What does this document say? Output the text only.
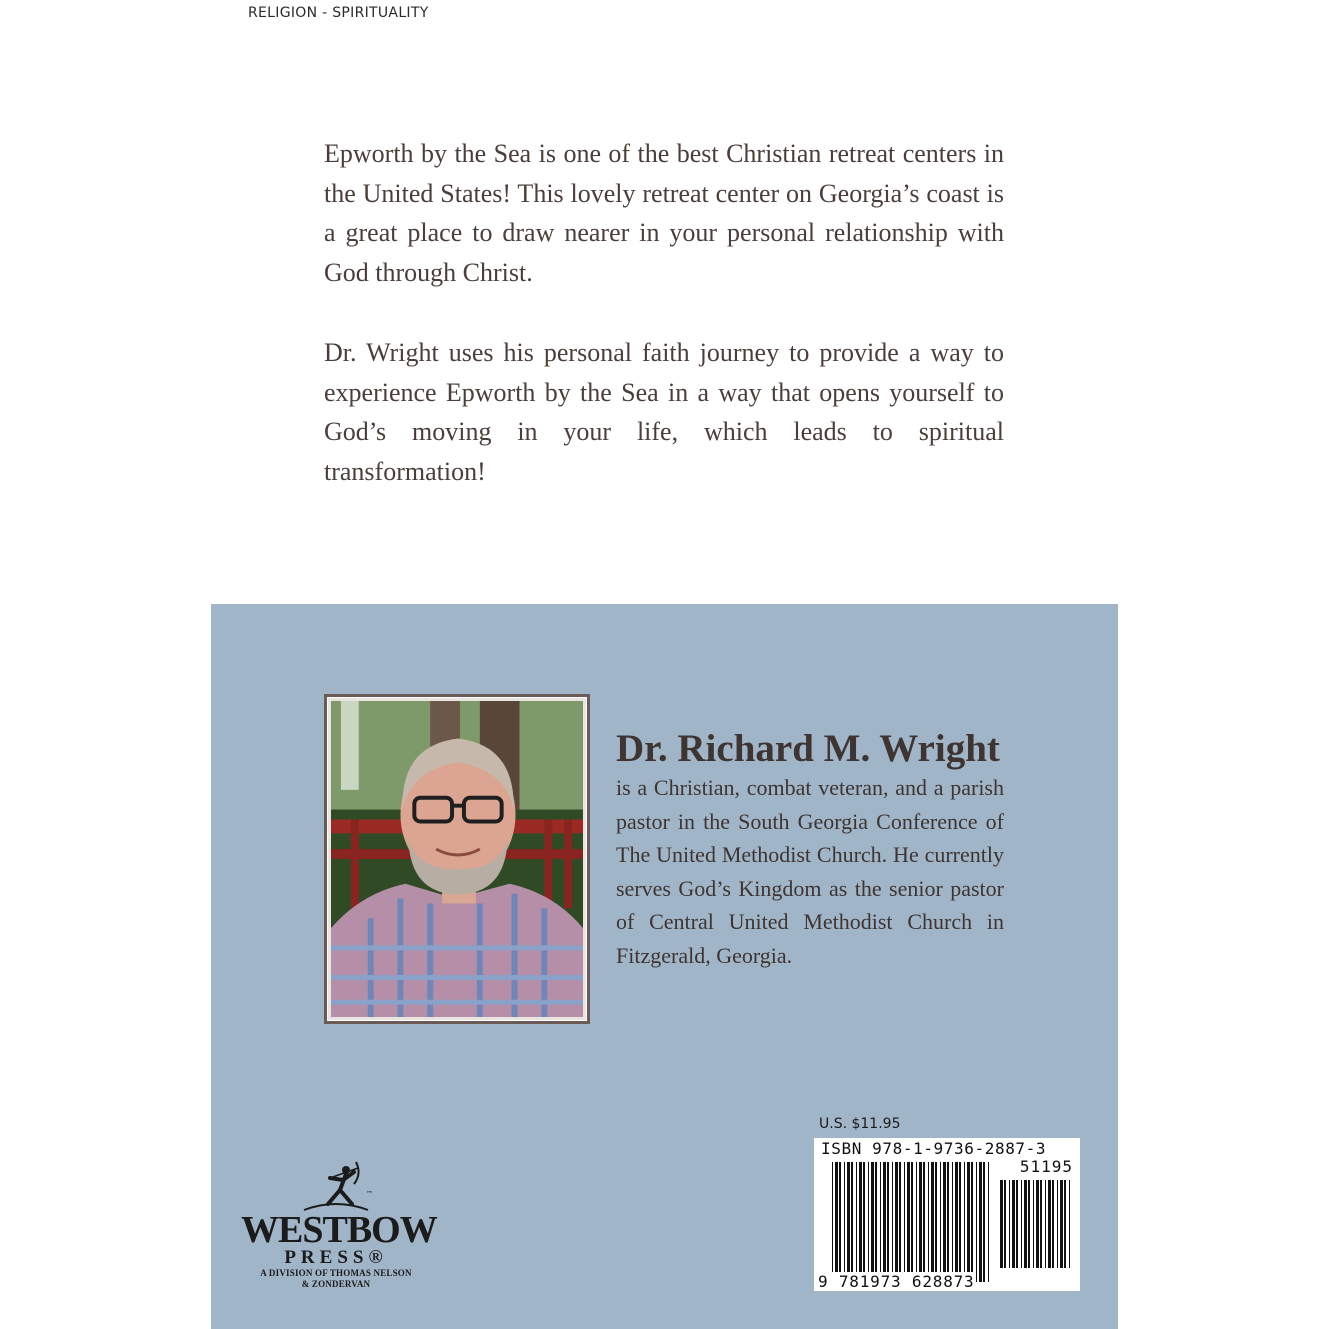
RELIGION - SPIRITUALITY

Epworth by the Sea is one of the best Christian retreat centers in the United States! This lovely retreat center on Georgia’s coast is a great place to draw nearer in your personal relationship with God through Christ.

Dr. Wright uses his personal faith journey to provide a way to experience Epworth by the Sea in a way that opens yourself to God’s moving in your life, which leads to spiritual transformation!

Dr. Richard M. Wright
is a Christian, combat veteran, and a parish pastor in the South Georgia Conference of The United Methodist Church. He currently serves God’s Kingdom as the senior pastor of Central United Methodist Church in Fitzgerald, Georgia.
™
WESTBOW
PRESS®
A DIVISION OF THOMAS NELSON
& ZONDERVAN
U.S. $11.95
ISBN 978-1-9736-2887-3
51195
9 781973 628873
